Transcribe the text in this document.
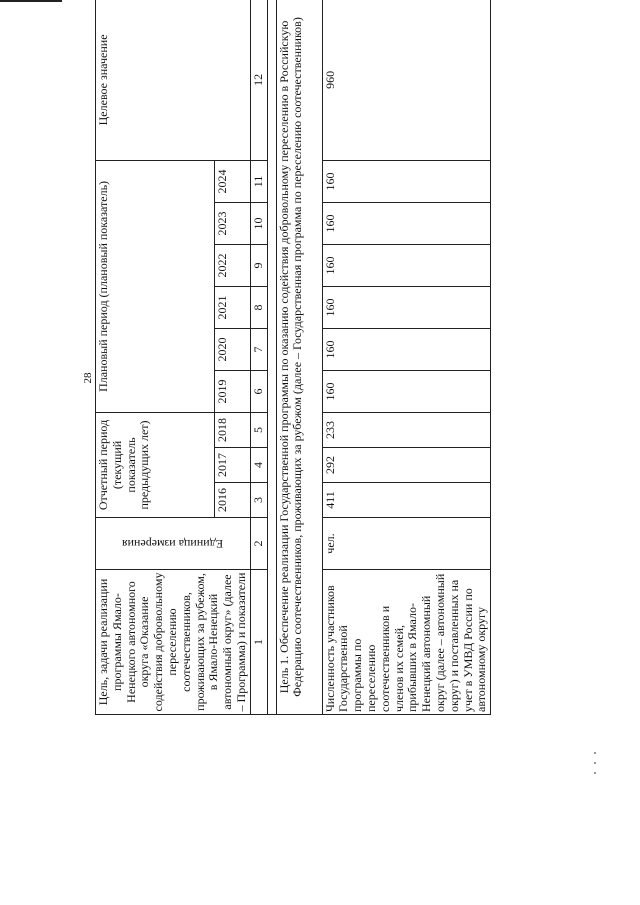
28
Цель, задачи реализации программы Ямало-Ненецкого автономного округа «Оказание содействия добровольному переселению соотечественников, проживающих за рубежом, в Ямало-Ненецкий автономный округ» (далее – Программа) и показатели	Единица измерения	Отчетный период (текущий показатель предыдущих лет)			Плановый период (плановый показатель)						Целевое значение
		2016	2017	2018	2019	2020	2021	2022	2023	2024	
1	2	3	4	5	6	7	8	9	10	11	12

Цель 1. Обеспечение реализации Государственной программы по оказанию содействия добровольному переселению в Российскую Федерацию соотечественников, проживающих за рубежом (далее – Государственная программа по переселению соотечественников)											
Численность участников Государственной программы по переселению соотечественников и членов их семей, прибывших в Ямало-Ненецкий автономный округ (далее – автономный округ) и поставленных на учет в УМВД России по автономному округу	чел.	411	292	233	160	160	160	160	160	160	960
